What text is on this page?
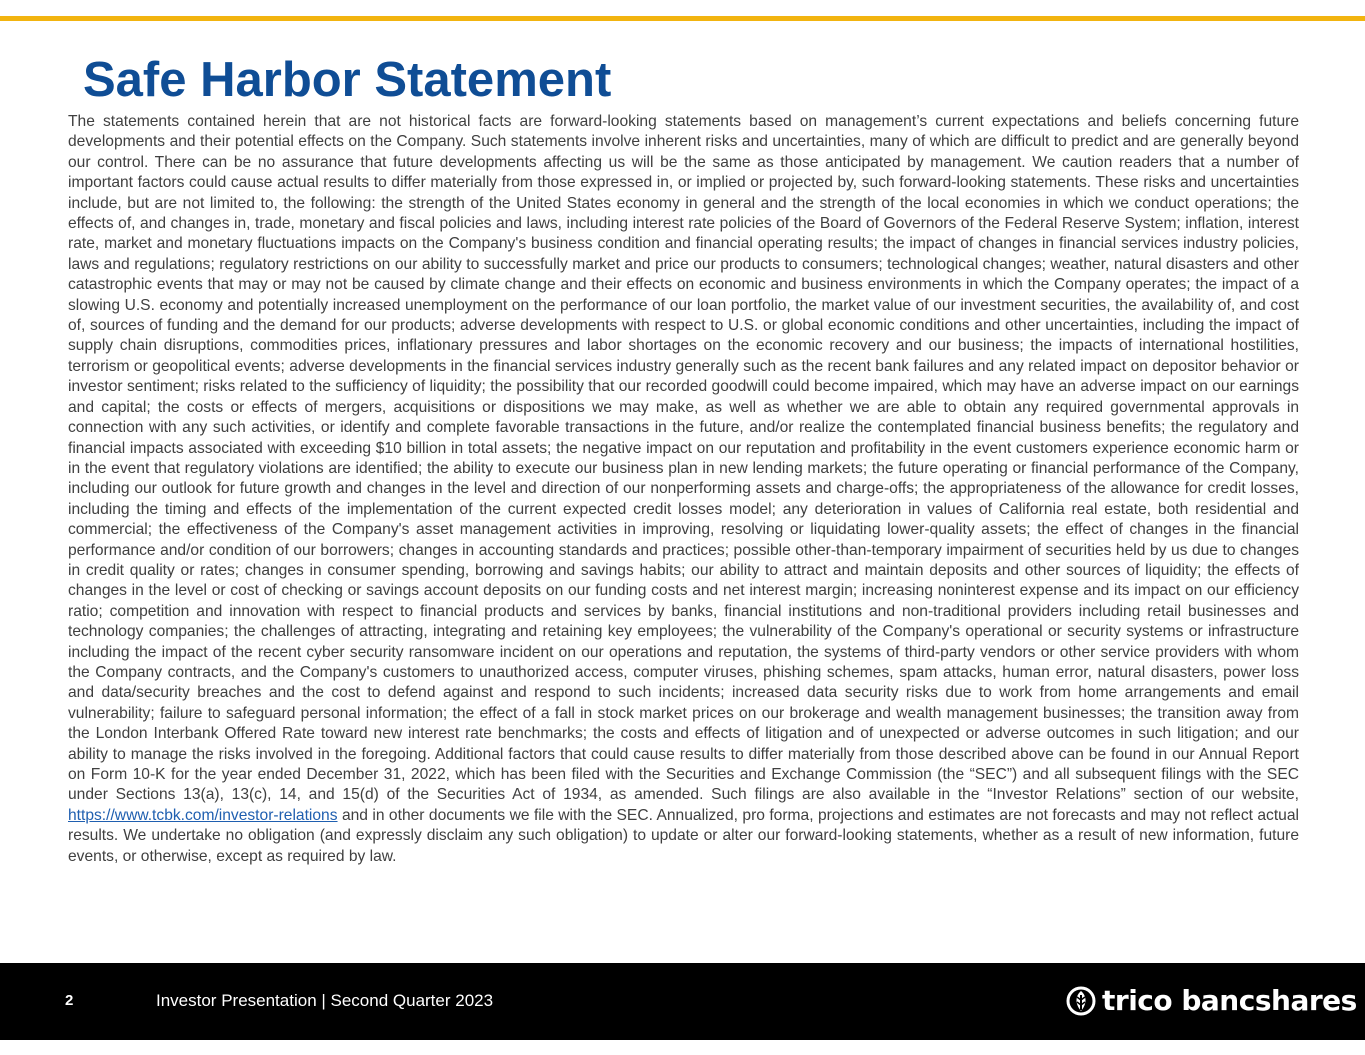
Safe Harbor Statement

The statements contained herein that are not historical facts are forward-looking statements based on management’s current expectations and beliefs concerning future developments and their potential effects on the Company. Such statements involve inherent risks and uncertainties, many of which are difficult to predict and are generally beyond our control. There can be no assurance that future developments affecting us will be the same as those anticipated by management. We caution readers that a number of important factors could cause actual results to differ materially from those expressed in, or implied or projected by, such forward-looking statements. These risks and uncertainties include, but are not limited to, the following: the strength of the United States economy in general and the strength of the local economies in which we conduct operations; the effects of, and changes in, trade, monetary and fiscal policies and laws, including interest rate policies of the Board of Governors of the Federal Reserve System; inflation, interest rate, market and monetary fluctuations impacts on the Company's business condition and financial operating results; the impact of changes in financial services industry policies, laws and regulations; regulatory restrictions on our ability to successfully market and price our products to consumers; technological changes; weather, natural disasters and other catastrophic events that may or may not be caused by climate change and their effects on economic and business environments in which the Company operates; the impact of a slowing U.S. economy and potentially increased unemployment on the performance of our loan portfolio, the market value of our investment securities, the availability of, and cost of, sources of funding and the demand for our products; adverse developments with respect to U.S. or global economic conditions and other uncertainties, including the impact of supply chain disruptions, commodities prices, inflationary pressures and labor shortages on the economic recovery and our business; the impacts of international hostilities, terrorism or geopolitical events; adverse developments in the financial services industry generally such as the recent bank failures and any related impact on depositor behavior or investor sentiment; risks related to the sufficiency of liquidity; the possibility that our recorded goodwill could become impaired, which may have an adverse impact on our earnings and capital; the costs or effects of mergers, acquisitions or dispositions we may make, as well as whether we are able to obtain any required governmental approvals in connection with any such activities, or identify and complete favorable transactions in the future, and/or realize the contemplated financial business benefits; the regulatory and financial impacts associated with exceeding $10 billion in total assets; the negative impact on our reputation and profitability in the event customers experience economic harm or in the event that regulatory violations are identified; the ability to execute our business plan in new lending markets; the future operating or financial performance of the Company, including our outlook for future growth and changes in the level and direction of our nonperforming assets and charge-offs; the appropriateness of the allowance for credit losses, including the timing and effects of the implementation of the current expected credit losses model; any deterioration in values of California real estate, both residential and commercial; the effectiveness of the Company's asset management activities in improving, resolving or liquidating lower-quality assets; the effect of changes in the financial performance and/or condition of our borrowers; changes in accounting standards and practices; possible other-than-temporary impairment of securities held by us due to changes in credit quality or rates; changes in consumer spending, borrowing and savings habits; our ability to attract and maintain deposits and other sources of liquidity; the effects of changes in the level or cost of checking or savings account deposits on our funding costs and net interest margin; increasing noninterest expense and its impact on our efficiency ratio; competition and innovation with respect to financial products and services by banks, financial institutions and non-traditional providers including retail businesses and technology companies; the challenges of attracting, integrating and retaining key employees; the vulnerability of the Company's operational or security systems or infrastructure including the impact of the recent cyber security ransomware incident on our operations and reputation, the systems of third-party vendors or other service providers with whom the Company contracts, and the Company's customers to unauthorized access, computer viruses, phishing schemes, spam attacks, human error, natural disasters, power loss and data/security breaches and the cost to defend against and respond to such incidents; increased data security risks due to work from home arrangements and email vulnerability; failure to safeguard personal information; the effect of a fall in stock market prices on our brokerage and wealth management businesses; the transition away from the London Interbank Offered Rate toward new interest rate benchmarks; the costs and effects of litigation and of unexpected or adverse outcomes in such litigation; and our ability to manage the risks involved in the foregoing. Additional factors that could cause results to differ materially from those described above can be found in our Annual Report on Form 10-K for the year ended December 31, 2022, which has been filed with the Securities and Exchange Commission (the “SEC”) and all subsequent filings with the SEC under Sections 13(a), 13(c), 14, and 15(d) of the Securities Act of 1934, as amended. Such filings are also available in the “Investor Relations” section of our website, https://www.tcbk.com/investor-relations and in other documents we file with the SEC. Annualized, pro forma, projections and estimates are not forecasts and may not reflect actual results. We undertake no obligation (and expressly disclaim any such obligation) to update or alter our forward-looking statements, whether as a result of new information, future events, or otherwise, except as required by law.

2	Investor Presentation | Second Quarter 2023	trico bancshares
